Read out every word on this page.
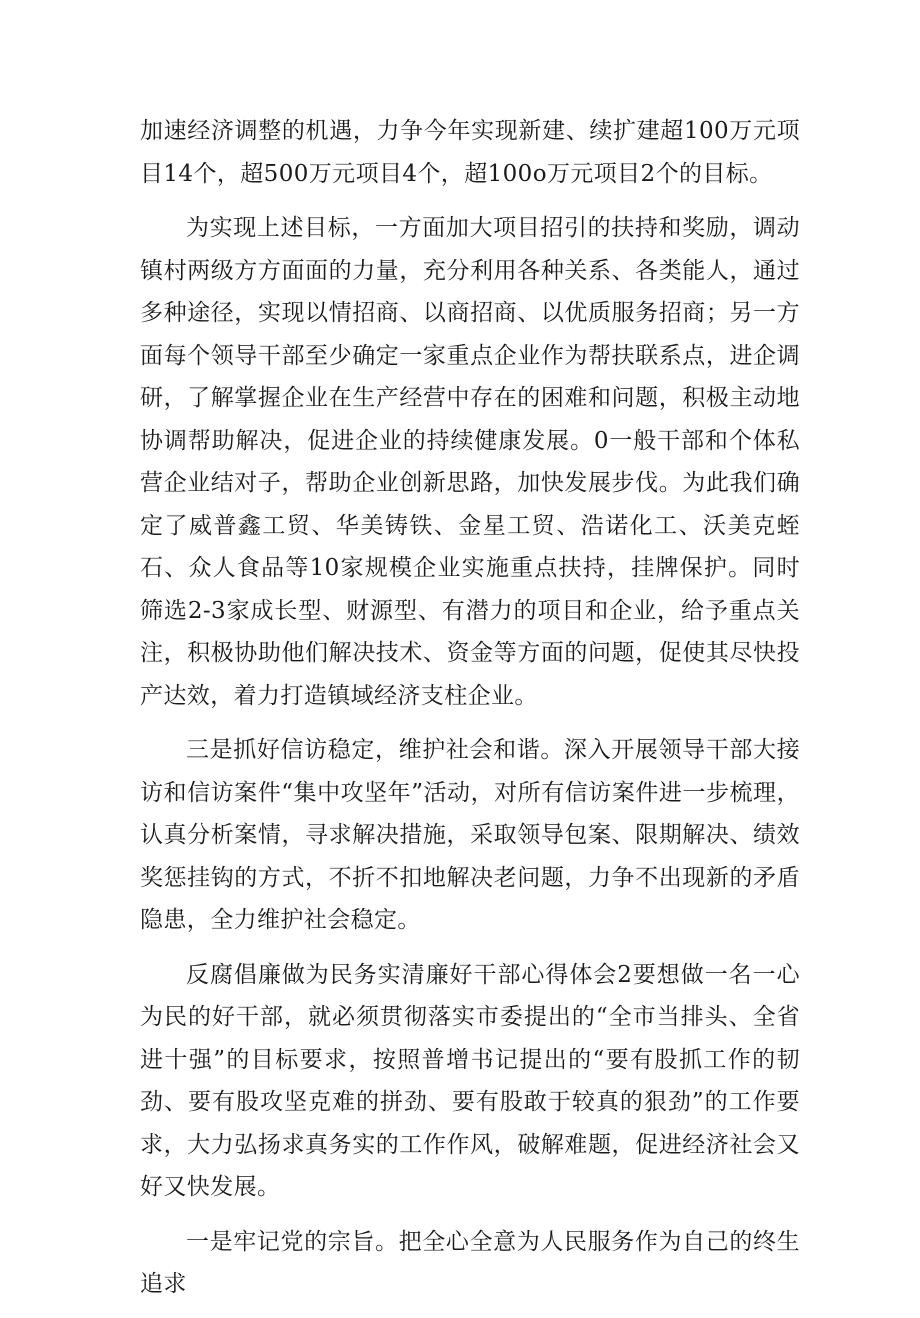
加速经济调整的机遇，力争今年实现新建、续扩建超100万元项目14个，超500万元项目4个，超100o万元项目2个的目标。

为实现上述目标，一方面加大项目招引的扶持和奖励，调动镇村两级方方面面的力量，充分利用各种关系、各类能人，通过多种途径，实现以情招商、以商招商、以优质服务招商；另一方面每个领导干部至少确定一家重点企业作为帮扶联系点，进企调研，了解掌握企业在生产经营中存在的困难和问题，积极主动地协调帮助解决，促进企业的持续健康发展。0一般干部和个体私营企业结对子，帮助企业创新思路，加快发展步伐。为此我们确定了威普鑫工贸、华美铸铁、金星工贸、浩诺化工、沃美克蛭石、众人食品等10家规模企业实施重点扶持，挂牌保护。同时筛选2-3家成长型、财源型、有潜力的项目和企业，给予重点关注，积极协助他们解决技术、资金等方面的问题，促使其尽快投产达效，着力打造镇域经济支柱企业。

三是抓好信访稳定，维护社会和谐。深入开展领导干部大接访和信访案件“集中攻坚年”活动，对所有信访案件进一步梳理，认真分析案情，寻求解决措施，采取领导包案、限期解决、绩效奖惩挂钩的方式，不折不扣地解决老问题，力争不出现新的矛盾隐患，全力维护社会稳定。

反腐倡廉做为民务实清廉好干部心得体会2要想做一名一心为民的好干部，就必须贯彻落实市委提出的“全市当排头、全省进十强”的目标要求，按照普增书记提出的“要有股抓工作的韧劲、要有股攻坚克难的拼劲、要有股敢于较真的狠劲”的工作要求，大力弘扬求真务实的工作作风，破解难题，促进经济社会又好又快发展。

一是牢记党的宗旨。把全心全意为人民服务作为自己的终生追求
